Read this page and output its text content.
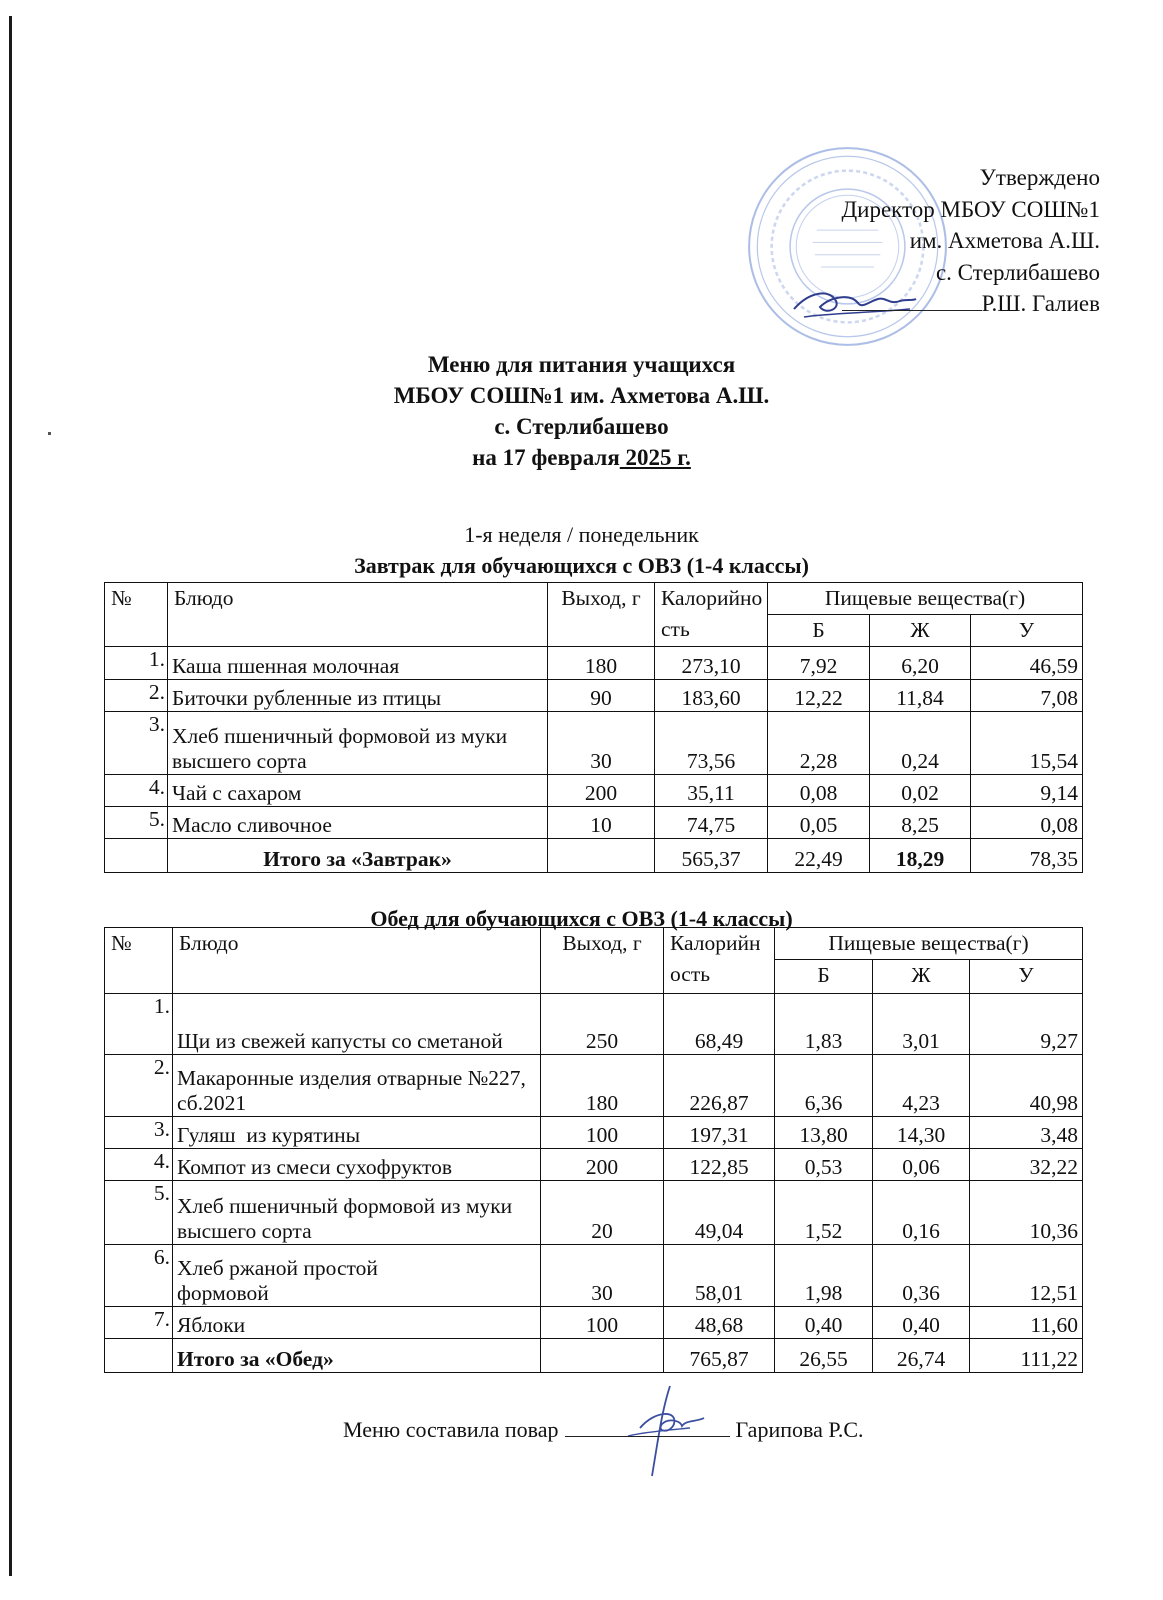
Утверждено
Директор МБОУ СОШ№1
им. Ахметова А.Ш.
с. Стерлибашево
Р.Ш. Галиев
Меню для питания учащихся
МБОУ СОШ№1 им. Ахметова А.Ш.
с. Стерлибашево
на 17 февраля 2025 г.
1-я неделя / понедельник
Завтрак для обучающихся с ОВЗ (1-4 классы)
№	Блюдо	Выход, г	Калорийность	Пищевые вещества(г)		
				Б	Ж	У
1.	Каша пшенная молочная	180	273,10	7,92	6,20	46,59
2.	Биточки рубленные из птицы	90	183,60	12,22	11,84	7,08
3.	Хлеб пшеничный формовой из муки высшего сорта	30	73,56	2,28	0,24	15,54
4.	Чай с сахаром	200	35,11	0,08	0,02	9,14
5.	Масло сливочное	10	74,75	0,05	8,25	0,08
	Итого за «Завтрак»		565,37	22,49	18,29	78,35
Обед для обучающихся с ОВЗ (1-4 классы)
№	Блюдо	Выход, г	Калорийность	Пищевые вещества(г)		
				Б	Ж	У
1.	Щи из свежей капусты со сметаной	250	68,49	1,83	3,01	9,27
2.	Макаронные изделия отварные №227, сб.2021	180	226,87	6,36	4,23	40,98
3.	Гуляш  из курятины	100	197,31	13,80	14,30	3,48
4.	Компот из смеси сухофруктов	200	122,85	0,53	0,06	32,22
5.	Хлеб пшеничный формовой из муки высшего сорта	20	49,04	1,52	0,16	10,36
6.	Хлеб ржаной простой формовой	30	58,01	1,98	0,36	12,51
7.	Яблоки	100	48,68	0,40	0,40	11,60
	Итого за «Обед»		765,87	26,55	26,74	111,22
Меню составила повар	Гарипова Р.С.
